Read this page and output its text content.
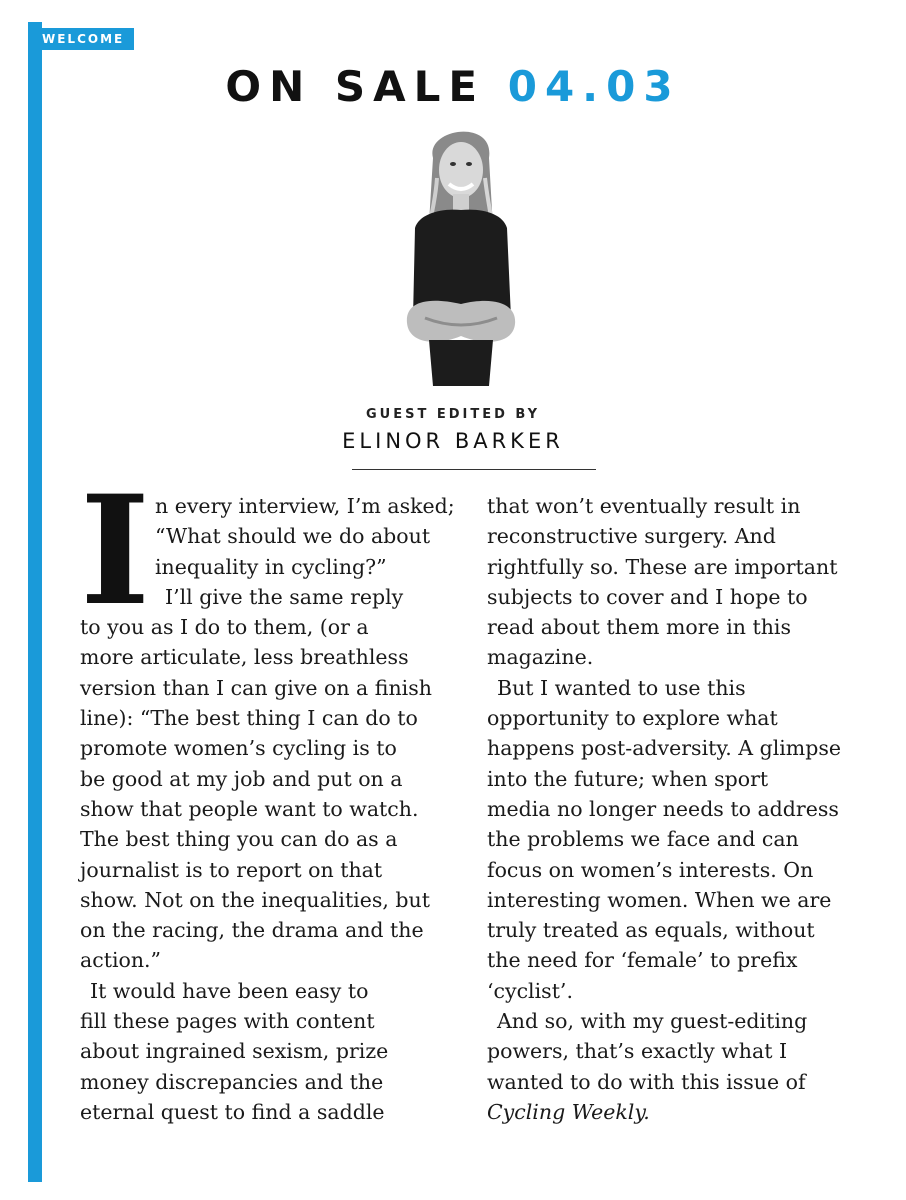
WELCOME
ON SALE 04.03
GUEST EDITED BY
ELINOR BARKER
I n every interview, I’m asked;

“What should we do about

inequality in cycling?”

I’ll give the same reply

to you as I do to them, (or a

more articulate, less breathless

version than I can give on a finish

line): “The best thing I can do to

promote women’s cycling is to

be good at my job and put on a

show that people want to watch.

The best thing you can do as a

journalist is to report on that

show. Not on the inequalities, but

on the racing, the drama and the

action.”

It would have been easy to

fill these pages with content

about ingrained sexism, prize

money discrepancies and the

eternal quest to find a saddle

that won’t eventually result in

reconstructive surgery. And

rightfully so. These are important

subjects to cover and I hope to

read about them more in this

magazine.

But I wanted to use this

opportunity to explore what

happens post-adversity. A glimpse

into the future; when sport

media no longer needs to address

the problems we face and can

focus on women’s interests. On

interesting women. When we are

truly treated as equals, without

the need for ‘female’ to prefix

‘cyclist’.

And so, with my guest-editing

powers, that’s exactly what I

wanted to do with this issue of

Cycling Weekly.
